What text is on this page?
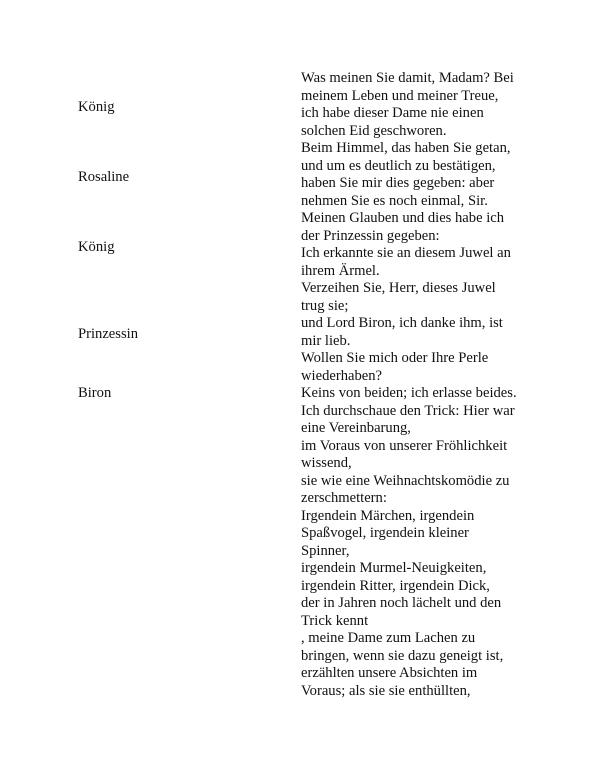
König
Was meinen Sie damit, Madam? Bei
meinem Leben und meiner Treue,
ich habe dieser Dame nie einen
solchen Eid geschworen.
Rosaline
Beim Himmel, das haben Sie getan,
und um es deutlich zu bestätigen,
haben Sie mir dies gegeben: aber
nehmen Sie es noch einmal, Sir.
König
Meinen Glauben und dies habe ich
der Prinzessin gegeben:
Ich erkannte sie an diesem Juwel an
ihrem Ärmel.
Prinzessin
Verzeihen Sie, Herr, dieses Juwel
trug sie;
und Lord Biron, ich danke ihm, ist
mir lieb.
Wollen Sie mich oder Ihre Perle
wiederhaben?
Biron	Keins von beiden; ich erlasse beides.
Ich durchschaue den Trick: Hier war
eine Vereinbarung,
im Voraus von unserer Fröhlichkeit
wissend,
sie wie eine Weihnachtskomödie zu
zerschmettern:
Irgendein Märchen, irgendein
Spaßvogel, irgendein kleiner
Spinner,
irgendein Murmel-Neuigkeiten,
irgendein Ritter, irgendein Dick,
der in Jahren noch lächelt und den
Trick kennt
, meine Dame zum Lachen zu
bringen, wenn sie dazu geneigt ist,
erzählten unsere Absichten im
Voraus; als sie sie enthüllten,
